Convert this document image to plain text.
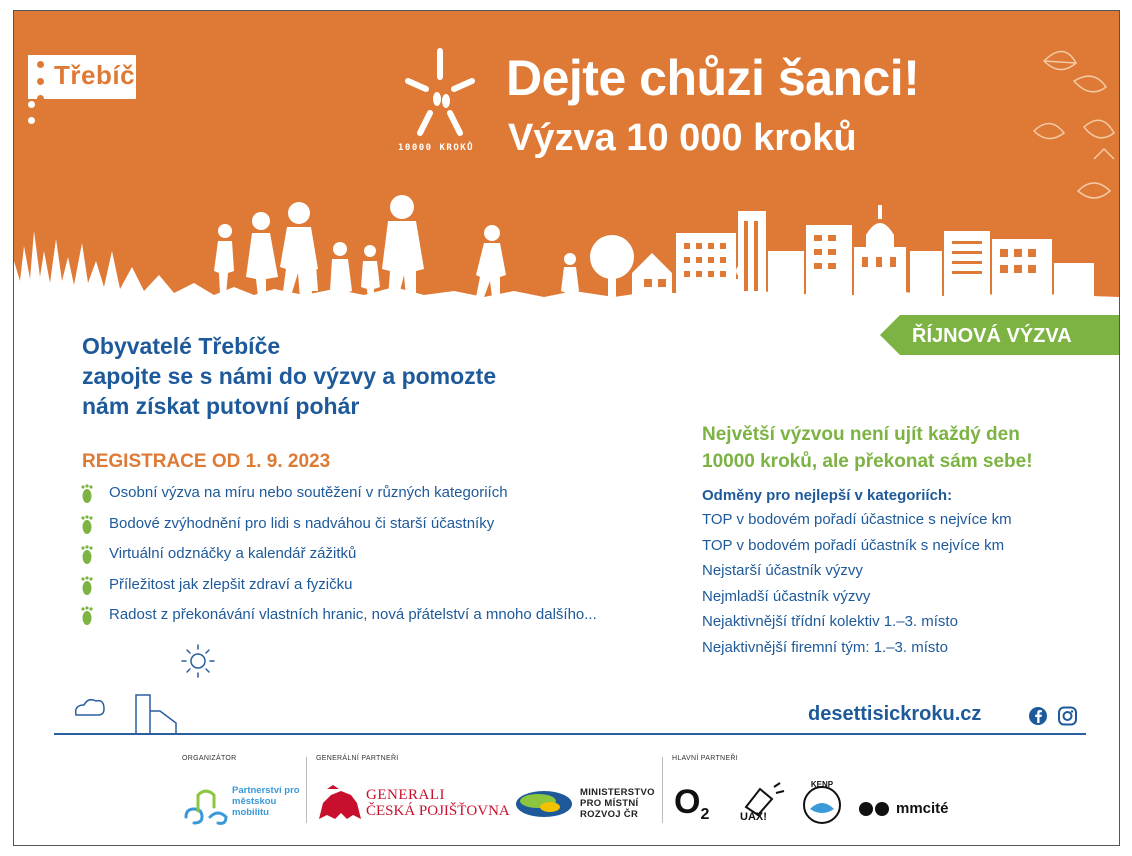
Třebíč
10000 KROKŮ
Dejte chůzi šanci!
Výzva 10 000 kroků
ŘÍJNOVÁ VÝZVA
Obyvatelé Třebíče
zapojte se s námi do výzvy a pomozte
nám získat putovní pohár
REGISTRACE OD 1. 9. 2023
Osobní výzva na míru nebo soutěžení v různých kategoriích
Bodové zvýhodnění pro lidi s nadváhou či starší účastníky
Virtuální odznáčky a kalendář zážitků
Příležitost jak zlepšit zdraví a fyzičku
Radost z překonávání vlastních hranic, nová přátelství a mnoho dalšího...
Největší výzvou není ujít každý den
10000 kroků, ale překonat sám sebe!
Odměny pro nejlepší v kategoriích:
TOP v bodovém pořadí účastnice s nejvíce km
TOP v bodovém pořadí účastník s nejvíce km
Nejstarší účastník výzvy
Nejmladší účastník výzvy
Nejaktivnější třídní kolektiv 1.–3. místo
Nejaktivnější firemní tým: 1.–3. místo
desettisickroku.cz
ORGANIZÁTOR	GENERÁLNÍ PARTNEŘI	HLAVNÍ PARTNEŘI
Partnerství pro městskou mobilitu
GENERALI
ČESKÁ POJIŠŤOVNA
MINISTERSTVO
PRO MÍSTNÍ
ROZVOJ ČR	$O_2$	UAX!
KENP
mmcité
